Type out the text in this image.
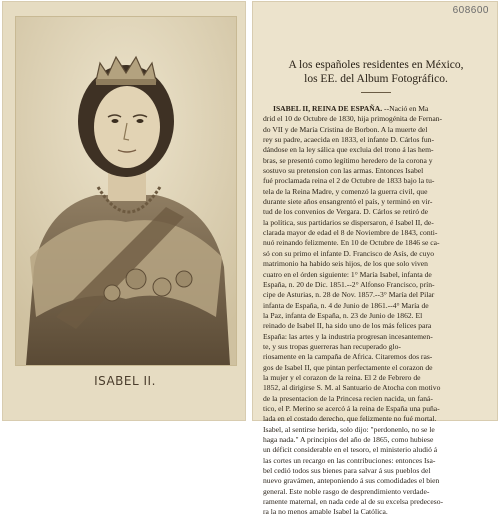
ISABEL II.
608600
A los españoles residentes en México,
los EE. del Album Fotográfico.
ISABEL II, REINA DE ESPAÑA. --Nació en Ma
drid el 10 de Octubre de 1830, hija primogénita de Fernan-
do VII y de María Cristina de Borbon. A la muerte del
rey su padre, acaecida en 1833, el infante D. Cárlos fun-
dándose en la ley sálica que excluia del trono á las hem-
bras, se presentó como legítimo heredero de la corona y
sostuvo su pretension con las armas. Entonces Isabel
fué proclamada reina el 2 de Octubre de 1833 bajo la tu-
tela de la Reina Madre, y comenzó la guerra civil, que
durante siete años ensangrentó el país, y terminó en vir-
tud de los convenios de Vergara. D. Cárlos se retiró de
la política, sus partidarios se dispersaron, é Isabel II, de-
clarada mayor de edad el 8 de Noviembre de 1843, conti-
nuó reinando felizmente. En 10 de Octubre de 1846 se ca-
só con su primo el infante D. Francisco de Asís, de cuyo
matrimonio ha habido seis hijos, de los que solo viven
cuatro en el órden siguiente: 1° María Isabel, infanta de
España, n. 20 de Dic. 1851.--2° Alfonso Francisco, prín-
cipe de Asturias, n. 28 de Nov. 1857.--3° María del Pilar
infanta de España, n. 4 de Junio de 1861.--4° María de
la Paz, infanta de España, n. 23 de Junio de 1862. El
reinado de Isabel II, ha sido uno de los más felices para
España: las artes y la industria progresan incesantemen-
te, y sus tropas guerreras han recuperado glo-
riosamente en la campaña de Africa. Citaremos dos ras-
gos de Isabel II, que pintan perfectamente el corazon de
la mujer y el corazon de la reina. El 2 de Febrero de
1852, al dirigirse S. M. al Santuario de Atocha con motivo
de la presentacion de la Princesa recien nacida, un faná-
tico, el P. Merino se acercó á la reina de España una puña-
lada en el costado derecho, que felizmente no fué mortal.
Isabel, al sentirse herida, solo dijo: "perdonenlo, no se le
haga nada." A principios del año de 1865, como hubiese
un déficit considerable en el tesoro, el ministerio aludió á
las cortes un recargo en las contribuciones: entonces Isa-
bel cedió todos sus bienes para salvar á sus pueblos del
nuevo gravámen, anteponiendo á sus comodidades el bien
general. Este noble rasgo de desprendimiento verdade-
ramente maternal, en nada cede al de su excelsa predeceso-
ra la no menos amable Isabel la Católica.
